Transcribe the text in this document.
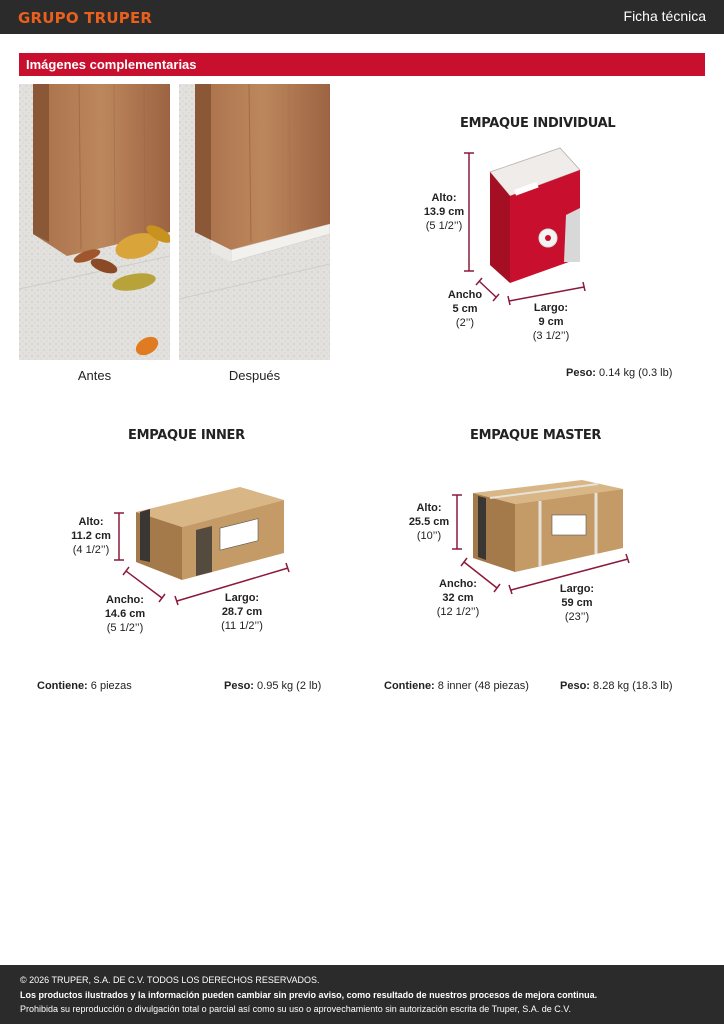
GRUPO TRUPER	Ficha técnica
Imágenes complementarias
Antes	Después
EMPAQUE INDIVIDUAL
Alto:
13.9 cm
(5 1/2’’)
Ancho
5 cm
(2’’)
Largo:
9 cm
(3 1/2’’)
Peso: 0.14 kg (0.3 lb)
EMPAQUE INNER
Alto:
11.2 cm
(4 1/2’’)
Ancho:
14.6 cm
(5 1/2’’)
Largo:
28.7 cm
(11 1/2’’)
Contiene: 6 piezas	Peso: 0.95 kg (2 lb)
EMPAQUE MASTER
Alto:
25.5 cm
(10’’)
Ancho:
32 cm
(12 1/2’’)
Largo:
59 cm
(23’’)
Contiene: 8 inner (48 piezas)	Peso: 8.28 kg (18.3 lb)
© 2026 TRUPER, S.A. DE C.V. TODOS LOS DERECHOS RESERVADOS.
Los productos ilustrados y la información pueden cambiar sin previo aviso, como resultado de nuestros procesos de mejora continua.
Prohibida su reproducción o divulgación total o parcial así como su uso o aprovechamiento sin autorización escrita de Truper, S.A. de C.V.
